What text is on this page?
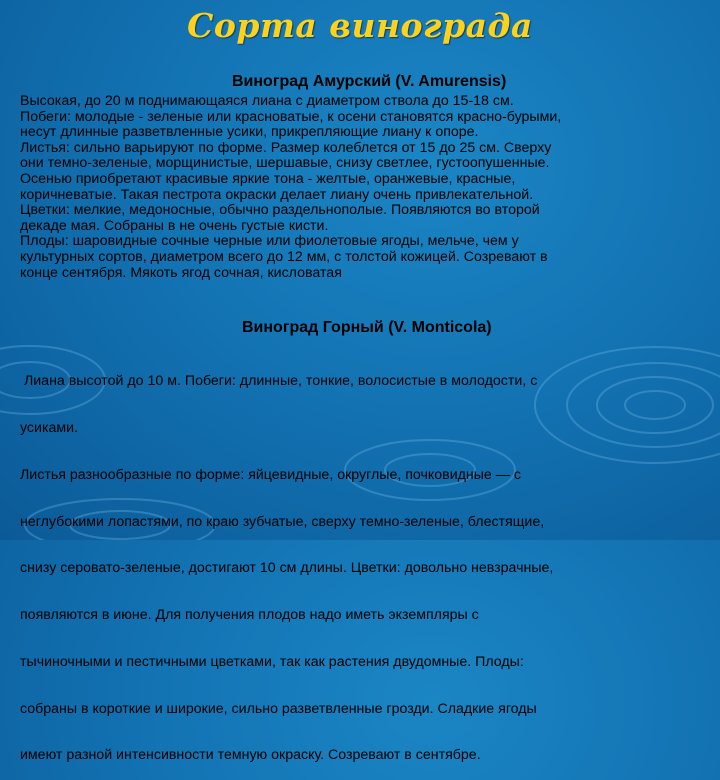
Сорта винограда
Виноград Амурский (V. Amurensis)
Высокая, до 20 м поднимающаяся лиана с диаметром ствола до 15-18 см.
Побеги: молодые - зеленые или красноватые, к осени становятся красно-бурыми,
несут длинные разветвленные усики, прикрепляющие лиану к опоре.
Листья: сильно варьируют по форме. Размер колеблется от 15 до 25 см. Сверху
они темно-зеленые, морщинистые, шершавые, снизу светлее, густоопушенные.
Осенью приобретают красивые яркие тона - желтые, оранжевые, красные,
коричневатые. Такая пестрота окраски делает лиану очень привлекательной.
Цветки: мелкие, медоносные, обычно раздельнополые. Появляются во второй
декаде мая. Собраны в не очень густые кисти.
Плоды: шаровидные сочные черные или фиолетовые ягоды, мельче, чем у
культурных сортов, диаметром всего до 12 мм, с толстой кожицей. Созревают в
конце сентября. Мякоть ягод сочная, кисловатая
Виноград Горный (V. Monticola)

Лиана высотой до 10 м. Побеги: длинные, тонкие, волосистые в молодости, с

усиками.

Листья разнообразные по форме: яйцевидные, округлые, почковидные — с

неглубокими лопастями, по краю зубчатые, сверху темно-зеленые, блестящие,

снизу серовато-зеленые, достигают 10 см длины. Цветки: довольно невзрачные,

появляются в июне. Для получения плодов надо иметь экземпляры с

тычиночными и пестичными цветками, так как растения двудомные. Плоды:

собраны в короткие и широкие, сильно разветвленные грозди. Сладкие ягоды

имеют разной интенсивности темную окраску. Созревают в сентябре.
